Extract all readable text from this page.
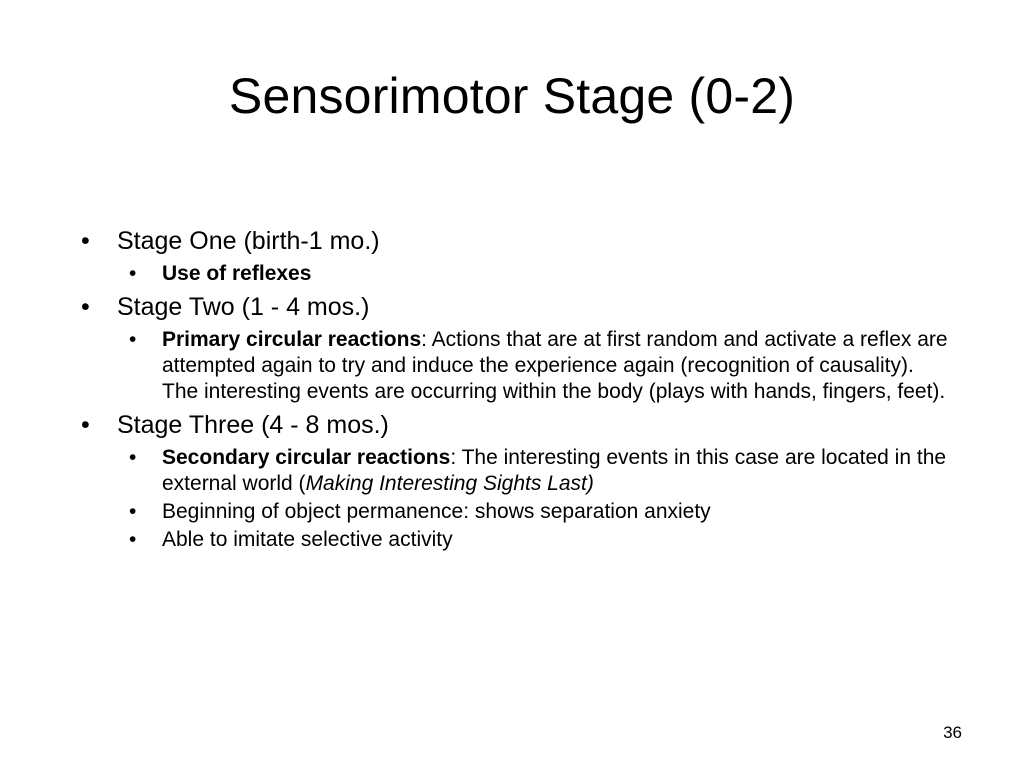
Sensorimotor Stage (0-2)
• Stage One (birth-1 mo.)
• Use of reflexes
• Stage Two (1 - 4 mos.)
• Primary circular reactions: Actions that are at first random and activate a reflex are attempted again to try and induce the experience again (recognition of causality). The interesting events are occurring within the body (plays with hands, fingers, feet).
• Stage Three (4 - 8 mos.)
• Secondary circular reactions: The interesting events in this case are located in the external world (Making Interesting Sights Last)
• Beginning of object permanence: shows separation anxiety
• Able to imitate selective activity
36
